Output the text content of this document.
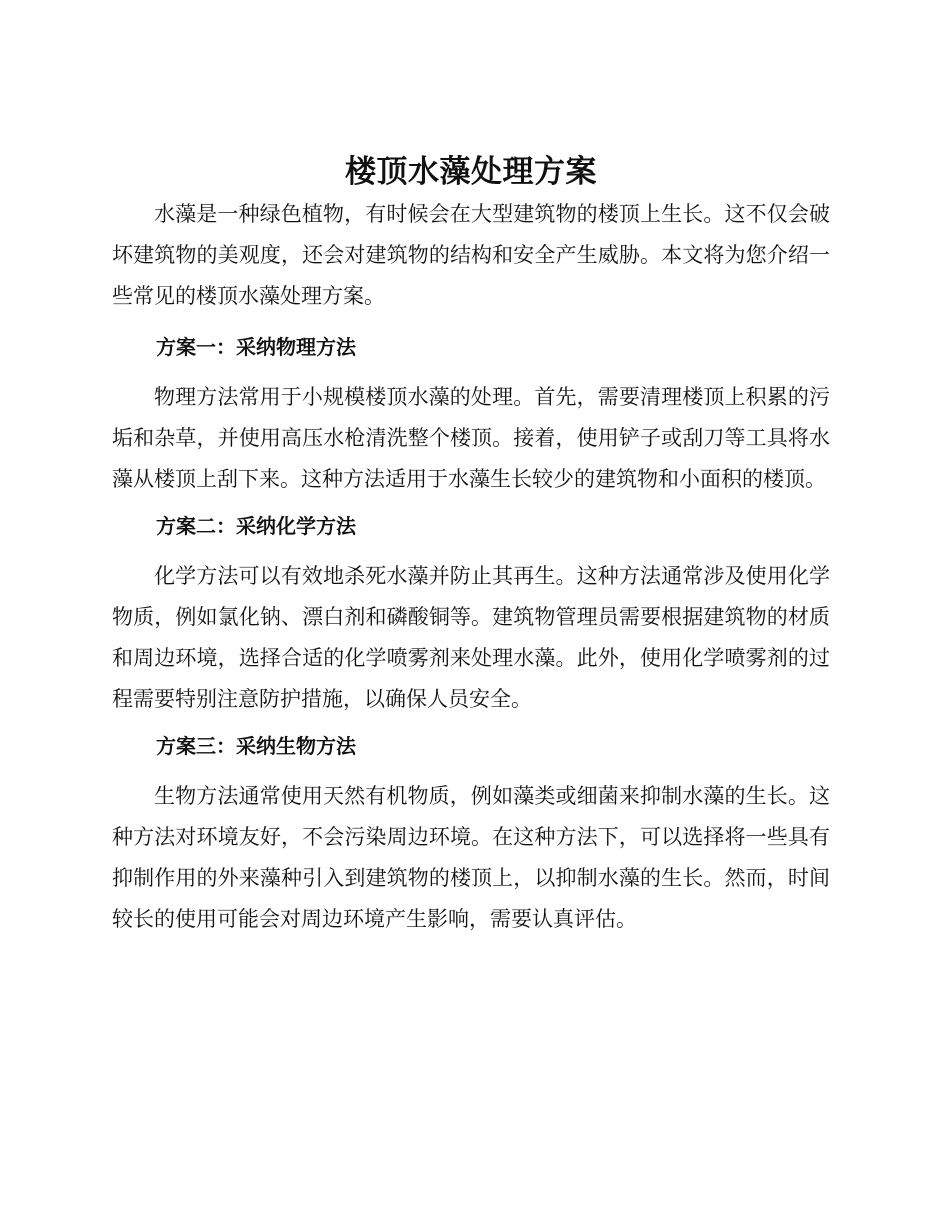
楼顶水藻处理方案

水藻是一种绿色植物，有时候会在大型建筑物的楼顶上生长。这不仅会破坏建筑物的美观度，还会对建筑物的结构和安全产生威胁。本文将为您介绍一些常见的楼顶水藻处理方案。

方案一：采纳物理方法

物理方法常用于小规模楼顶水藻的处理。首先，需要清理楼顶上积累的污垢和杂草，并使用高压水枪清洗整个楼顶。接着，使用铲子或刮刀等工具将水藻从楼顶上刮下来。这种方法适用于水藻生长较少的建筑物和小面积的楼顶。

方案二：采纳化学方法

化学方法可以有效地杀死水藻并防止其再生。这种方法通常涉及使用化学物质，例如氯化钠、漂白剂和磷酸铜等。建筑物管理员需要根据建筑物的材质和周边环境，选择合适的化学喷雾剂来处理水藻。此外，使用化学喷雾剂的过程需要特别注意防护措施，以确保人员安全。

方案三：采纳生物方法

生物方法通常使用天然有机物质，例如藻类或细菌来抑制水藻的生长。这种方法对环境友好，不会污染周边环境。在这种方法下，可以选择将一些具有抑制作用的外来藻种引入到建筑物的楼顶上，以抑制水藻的生长。然而，时间较长的使用可能会对周边环境产生影响，需要认真评估。
